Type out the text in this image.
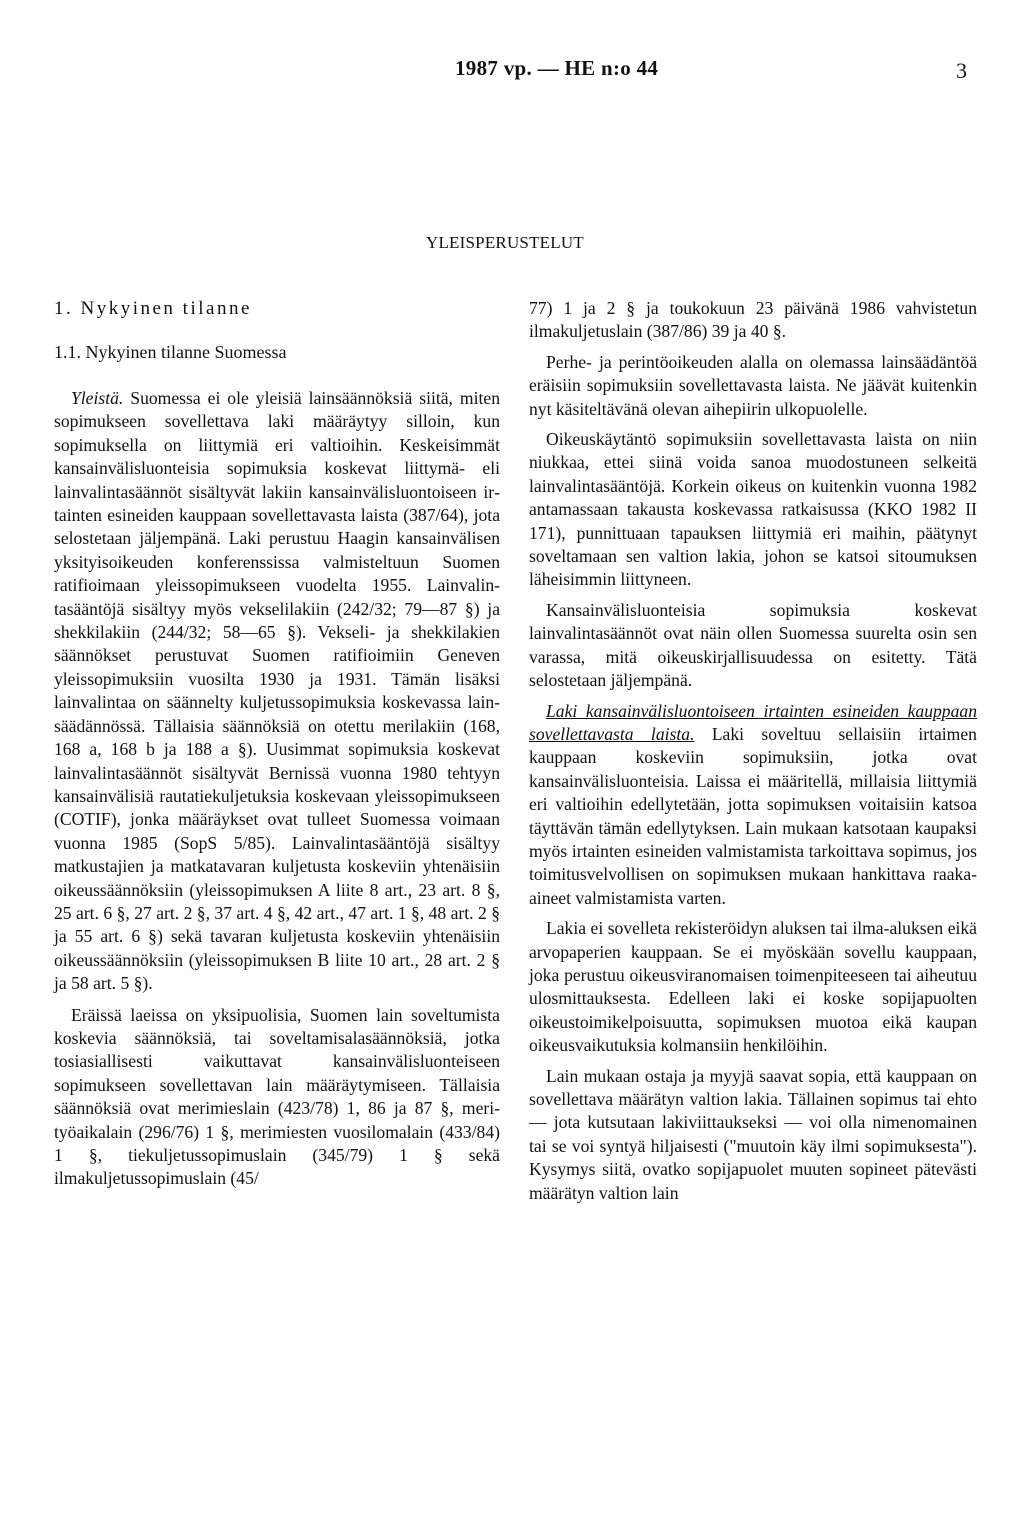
1987 vp. — HE n:o 44	3
YLEISPERUSTELUT
1. Nykyinen tilanne
1.1. Nykyinen tilanne Suomessa

Yleistä. Suomessa ei ole yleisiä lainsäännöksiä siitä, miten sopimukseen sovellettava laki määräytyy silloin, kun sopimuksella on liittymiä eri valtioihin. Keskeisimmät kansainvälisluonteisia sopimuksia koskevat liittymä- eli lainvalintasäännöt sisältyvät lakiin kansainvälisluontoiseen irtainten esineiden kauppaan sovellettavasta laista (387/64), jota selostetaan jäljempänä. Laki perustuu Haagin kansainvälisen yksityisoikeuden konferenssissa valmisteltuun Suomen ratifioimaan yleissopimukseen vuodelta 1955. Lainvalintasääntöjä sisältyy myös vekselilakiin (242/32; 79—87 §) ja shekkilakiin (244/32; 58—65 §). Vekseli- ja shekkilakien säännökset perustuvat Suomen ratifioimiin Geneven yleissopimuksiin vuosilta 1930 ja 1931. Tämän lisäksi lainvalintaa on säännelty kuljetussopimuksia koskevassa lainsäädännössä. Tällaisia säännöksiä on otettu merilakiin (168, 168 a, 168 b ja 188 a §). Uusimmat sopimuksia koskevat lainvalintasäännöt sisältyvät Bernissä vuonna 1980 tehtyyn kansainvälisiä rautatiekuljetuksia koskevaan yleissopimukseen (COTIF), jonka määräykset ovat tulleet Suomessa voimaan vuonna 1985 (SopS 5/85). Lainvalintasääntöjä sisältyy matkustajien ja matkatavaran kuljetusta koskeviin yhtenäisiin oikeussäännöksiin (yleissopimuksen A liite 8 art., 23 art. 8 §, 25 art. 6 §, 27 art. 2 §, 37 art. 4 §, 42 art., 47 art. 1 §, 48 art. 2 § ja 55 art. 6 §) sekä tavaran kuljetusta koskeviin yhtenäisiin oikeussäännöksiin (yleissopimuksen B liite 10 art., 28 art. 2 § ja 58 art. 5 §).

Eräissä laeissa on yksipuolisia, Suomen lain soveltumista koskevia säännöksiä, tai soveltamisalasäännöksiä, jotka tosiasiallisesti vaikuttavat kansainvälisluonteiseen sopimukseen sovellettavan lain määräytymiseen. Tällaisia säännöksiä ovat merimieslain (423/78) 1, 86 ja 87 §, merityöaikalain (296/76) 1 §, merimiesten vuosilomalain (433/84) 1 §, tiekuljetussopimuslain (345/79) 1 § sekä ilmakuljetussopimuslain (45/

77) 1 ja 2 § ja toukokuun 23 päivänä 1986 vahvistetun ilmakuljetuslain (387/86) 39 ja 40 §.

Perhe- ja perintöoikeuden alalla on olemassa lainsäädäntöä eräisiin sopimuksiin sovellettavasta laista. Ne jäävät kuitenkin nyt käsiteltävänä olevan aihepiirin ulkopuolelle.

Oikeuskäytäntö sopimuksiin sovellettavasta laista on niin niukkaa, ettei siinä voida sanoa muodostuneen selkeitä lainvalintasääntöjä. Korkein oikeus on kuitenkin vuonna 1982 antamassaan takausta koskevassa ratkaisussa (KKO 1982 II 171), punnittuaan tapauksen liittymiä eri maihin, päätynyt soveltamaan sen valtion lakia, johon se katsoi sitoumuksen läheisimmin liittyneen.

Kansainvälisluonteisia sopimuksia koskevat lainvalintasäännöt ovat näin ollen Suomessa suurelta osin sen varassa, mitä oikeuskirjallisuudessa on esitetty. Tätä selostetaan jäljempänä.

Laki kansainvälisluontoiseen irtainten esineiden kauppaan sovellettavasta laista. Laki soveltuu sellaisiin irtaimen kauppaan koskeviin sopimuksiin, jotka ovat kansainvälisluonteisia. Laissa ei määritellä, millaisia liittymiä eri valtioihin edellytetään, jotta sopimuksen voitaisiin katsoa täyttävän tämän edellytyksen. Lain mukaan katsotaan kaupaksi myös irtainten esineiden valmistamista tarkoittava sopimus, jos toimitusvelvollisen on sopimuksen mukaan hankittava raaka-aineet valmistamista varten.

Lakia ei sovelleta rekisteröidyn aluksen tai ilma-aluksen eikä arvopaperien kauppaan. Se ei myöskään sovellu kauppaan, joka perustuu oikeusviranomaisen toimenpiteeseen tai aiheutuu ulosmittauksesta. Edelleen laki ei koske sopijapuolten oikeustoimikelpoisuutta, sopimuksen muotoa eikä kaupan oikeusvaikutuksia kolmansiin henkilöihin.

Lain mukaan ostaja ja myyjä saavat sopia, että kauppaan on sovellettava määrätyn valtion lakia. Tällainen sopimus tai ehto — jota kutsutaan lakiviittaukseksi — voi olla nimenomainen tai se voi syntyä hiljaisesti ("muutoin käy ilmi sopimuksesta"). Kysymys siitä, ovatko sopijapuolet muuten sopineet pätevästi määrätyn valtion lain
